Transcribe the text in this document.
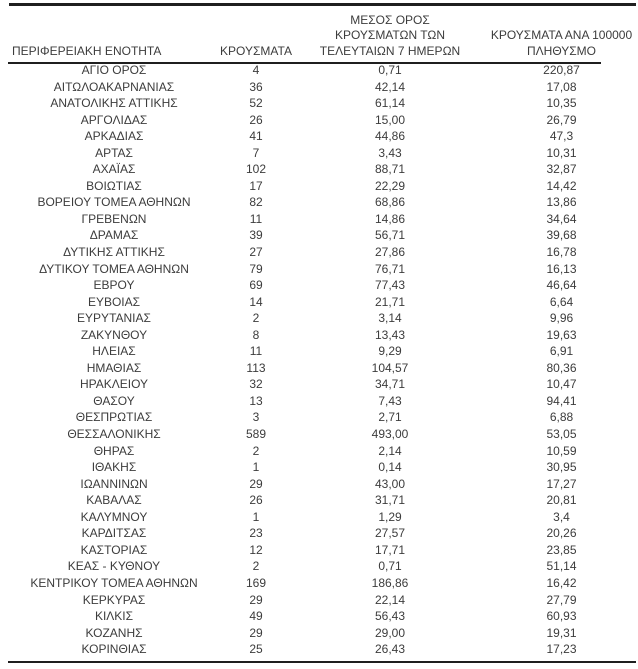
ΠΕΡΙΦΕΡΕΙΑΚΗ ΕΝΟΤΗΤΑ	ΚΡΟΥΣΜΑΤΑ	ΜΕΣΟΣ ΟΡΟΣ
ΚΡΟΥΣΜΑΤΩΝ ΤΩΝ
ΤΕΛΕΥΤΑΙΩΝ 7 ΗΜΕΡΩΝ	ΚΡΟΥΣΜΑΤΑ ΑΝΑ 100000
ΠΛΗΘΥΣΜΟ

ΑΓΙΟ ΟΡΟΣ	4	0,71	220,87
ΑΙΤΩΛΟΑΚΑΡΝΑΝΙΑΣ	36	42,14	17,08
ΑΝΑΤΟΛΙΚΗΣ ΑΤΤΙΚΗΣ	52	61,14	10,35
ΑΡΓΟΛΙΔΑΣ	26	15,00	26,79
ΑΡΚΑΔΙΑΣ	41	44,86	47,3
ΑΡΤΑΣ	7	3,43	10,31
ΑΧΑΪΑΣ	102	88,71	32,87
ΒΟΙΩΤΙΑΣ	17	22,29	14,42
ΒΟΡΕΙΟΥ ΤΟΜΕΑ ΑΘΗΝΩΝ	82	68,86	13,86
ΓΡΕΒΕΝΩΝ	11	14,86	34,64
ΔΡΑΜΑΣ	39	56,71	39,68
ΔΥΤΙΚΗΣ ΑΤΤΙΚΗΣ	27	27,86	16,78
ΔΥΤΙΚΟΥ ΤΟΜΕΑ ΑΘΗΝΩΝ	79	76,71	16,13
ΕΒΡΟΥ	69	77,43	46,64
ΕΥΒΟΙΑΣ	14	21,71	6,64
ΕΥΡΥΤΑΝΙΑΣ	2	3,14	9,96
ΖΑΚΥΝΘΟΥ	8	13,43	19,63
ΗΛΕΙΑΣ	11	9,29	6,91
ΗΜΑΘΙΑΣ	113	104,57	80,36
ΗΡΑΚΛΕΙΟΥ	32	34,71	10,47
ΘΑΣΟΥ	13	7,43	94,41
ΘΕΣΠΡΩΤΙΑΣ	3	2,71	6,88
ΘΕΣΣΑΛΟΝΙΚΗΣ	589	493,00	53,05
ΘΗΡΑΣ	2	2,14	10,59
ΙΘΑΚΗΣ	1	0,14	30,95
ΙΩΑΝΝΙΝΩΝ	29	43,00	17,27
ΚΑΒΑΛΑΣ	26	31,71	20,81
ΚΑΛΥΜΝΟΥ	1	1,29	3,4
ΚΑΡΔΙΤΣΑΣ	23	27,57	20,26
ΚΑΣΤΟΡΙΑΣ	12	17,71	23,85
ΚΕΑΣ - ΚΥΘΝΟΥ	2	0,71	51,14
ΚΕΝΤΡΙΚΟΥ ΤΟΜΕΑ ΑΘΗΝΩΝ	169	186,86	16,42
ΚΕΡΚΥΡΑΣ	29	22,14	27,79
ΚΙΛΚΙΣ	49	56,43	60,93
ΚΟΖΑΝΗΣ	29	29,00	19,31
ΚΟΡΙΝΘΙΑΣ	25	26,43	17,23
